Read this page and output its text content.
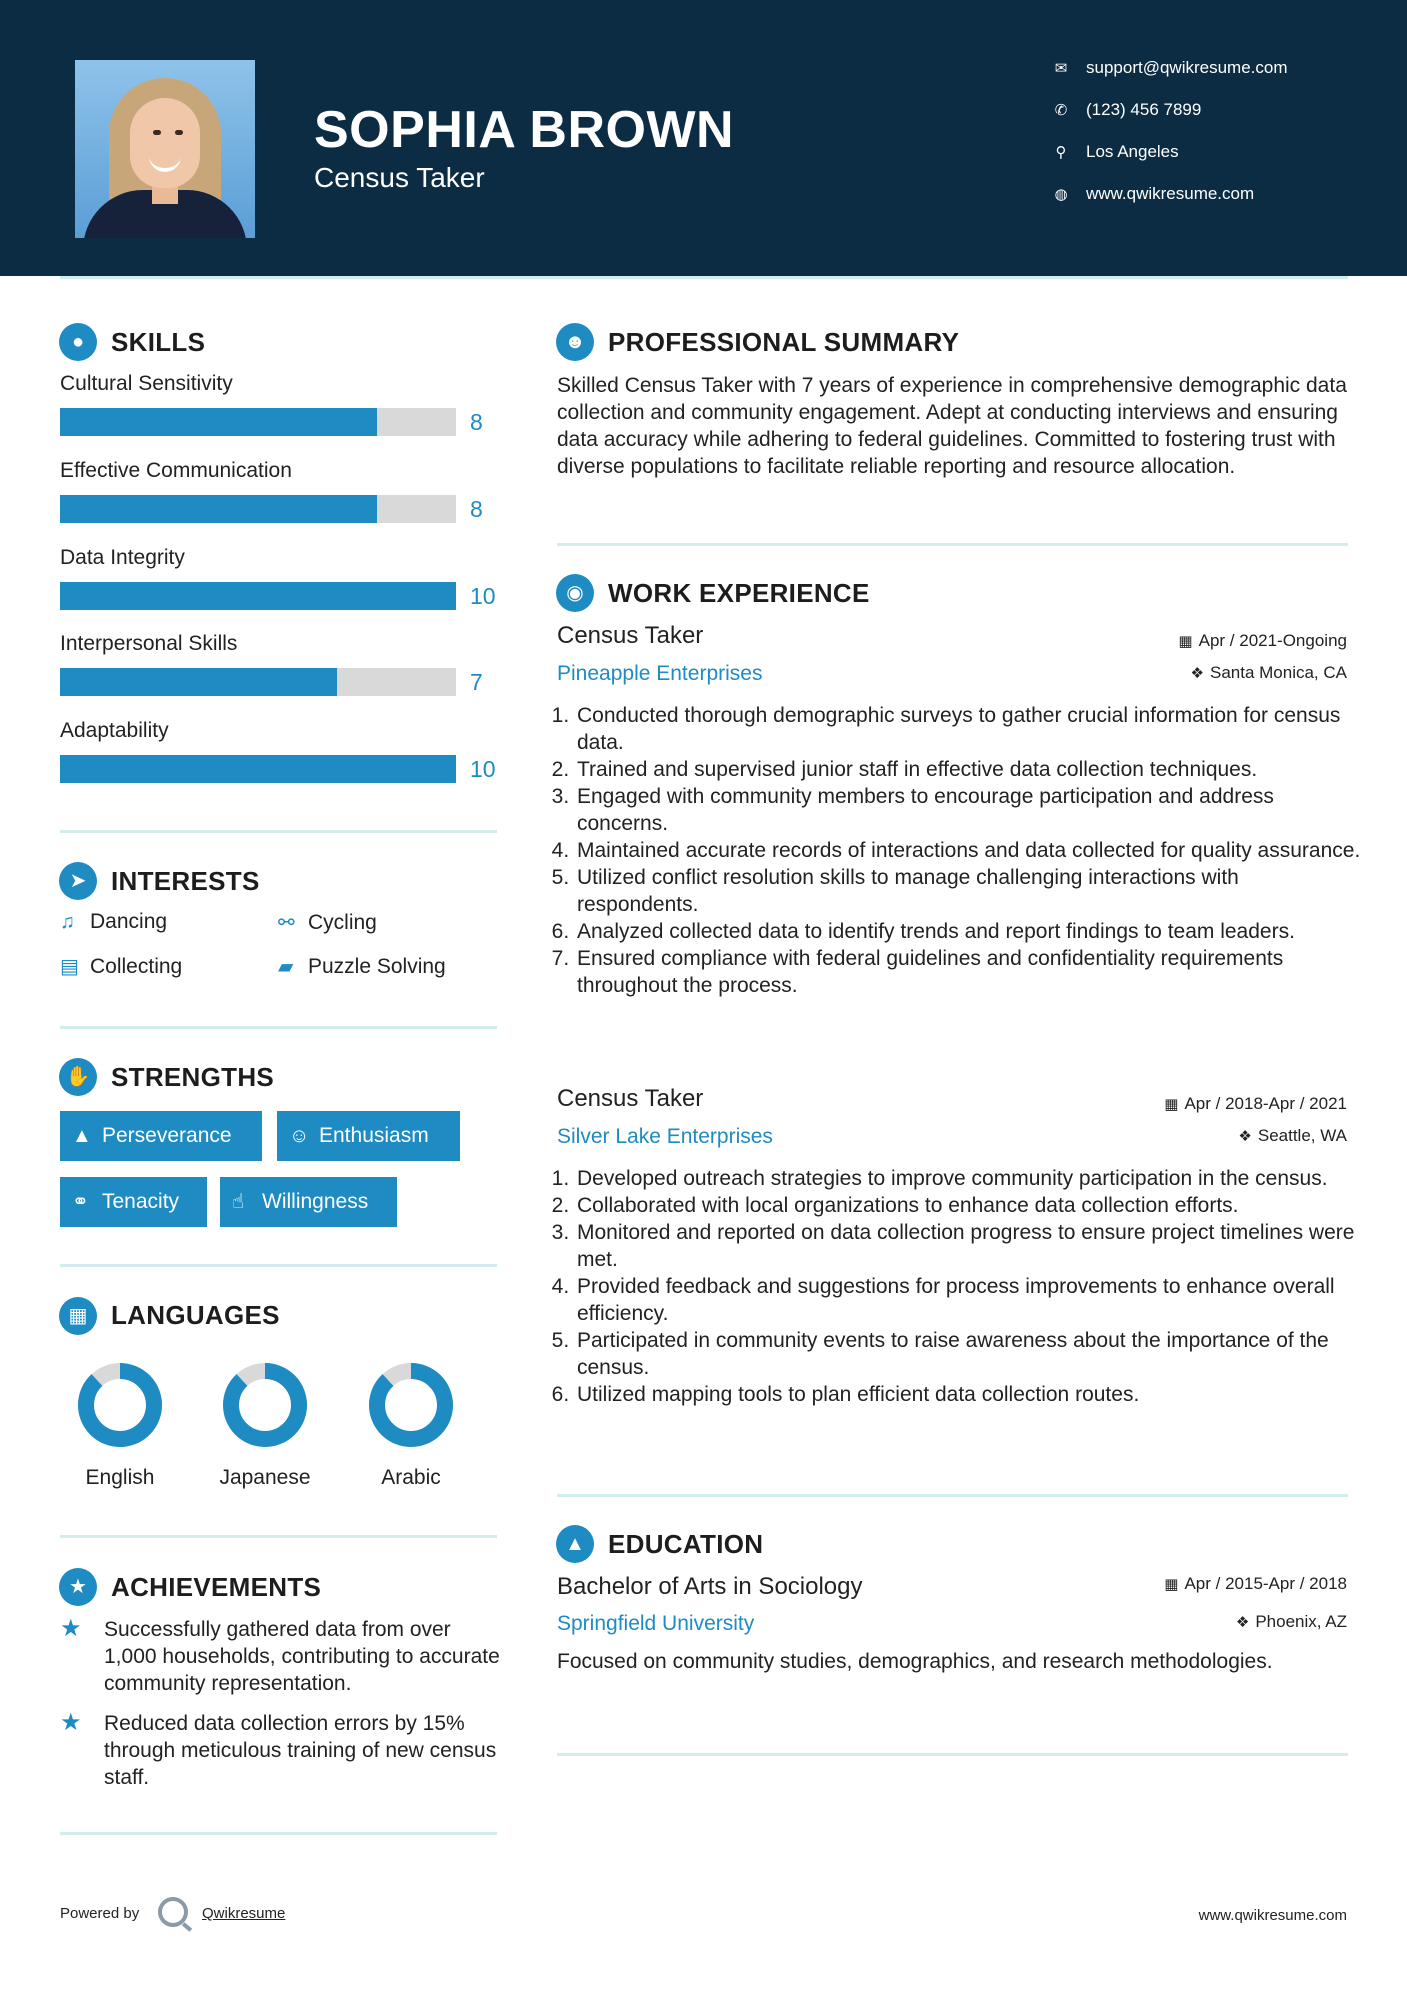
SOPHIA BROWN
Census Taker
✉ support@qwikresume.com
✆ (123) 456 7899
⚲ Los Angeles
◍ www.qwikresume.com
●	SKILLS
Cultural Sensitivity
8
Effective Communication
8
Data Integrity
10
Interpersonal Skills
7
Adaptability
10
➤ INTERESTS
♫ Dancing	⚯ Cycling
▤ Collecting	▰ Puzzle Solving
✋ STRENGTHS
▲ Perseverance	☺ Enthusiasm
⚭ Tenacity	☝ Willingness
▦ LANGUAGES
English	Japanese	Arabic
★ ACHIEVEMENTS
★ Successfully gathered data from over 1,000 households, contributing to accurate community representation.
★ Reduced data collection errors by 15% through meticulous training of new census staff.
☻ PROFESSIONAL SUMMARY
Skilled Census Taker with 7 years of experience in comprehensive demographic data collection and community engagement. Adept at conducting interviews and ensuring data accuracy while adhering to federal guidelines. Committed to fostering trust with diverse populations to facilitate reliable reporting and resource allocation.
◉ WORK EXPERIENCE
Census Taker	▦ Apr / 2021-Ongoing
Pineapple Enterprises	❖ Santa Monica, CA
1. Conducted thorough demographic surveys to gather crucial information for census data.
2. Trained and supervised junior staff in effective data collection techniques.
3. Engaged with community members to encourage participation and address concerns.
4. Maintained accurate records of interactions and data collected for quality assurance.
5. Utilized conflict resolution skills to manage challenging interactions with respondents.
6. Analyzed collected data to identify trends and report findings to team leaders.
7. Ensured compliance with federal guidelines and confidentiality requirements throughout the process.
Census Taker	▦ Apr / 2018-Apr / 2021
Silver Lake Enterprises	❖ Seattle, WA
1. Developed outreach strategies to improve community participation in the census.
2. Collaborated with local organizations to enhance data collection efforts.
3. Monitored and reported on data collection progress to ensure project timelines were met.
4. Provided feedback and suggestions for process improvements to enhance overall efficiency.
5. Participated in community events to raise awareness about the importance of the census.
6. Utilized mapping tools to plan efficient data collection routes.
▲ EDUCATION
Bachelor of Arts in Sociology	▦ Apr / 2015-Apr / 2018
Springfield University	❖ Phoenix, AZ
Focused on community studies, demographics, and research methodologies.
Powered by	Qwikresume	www.qwikresume.com
